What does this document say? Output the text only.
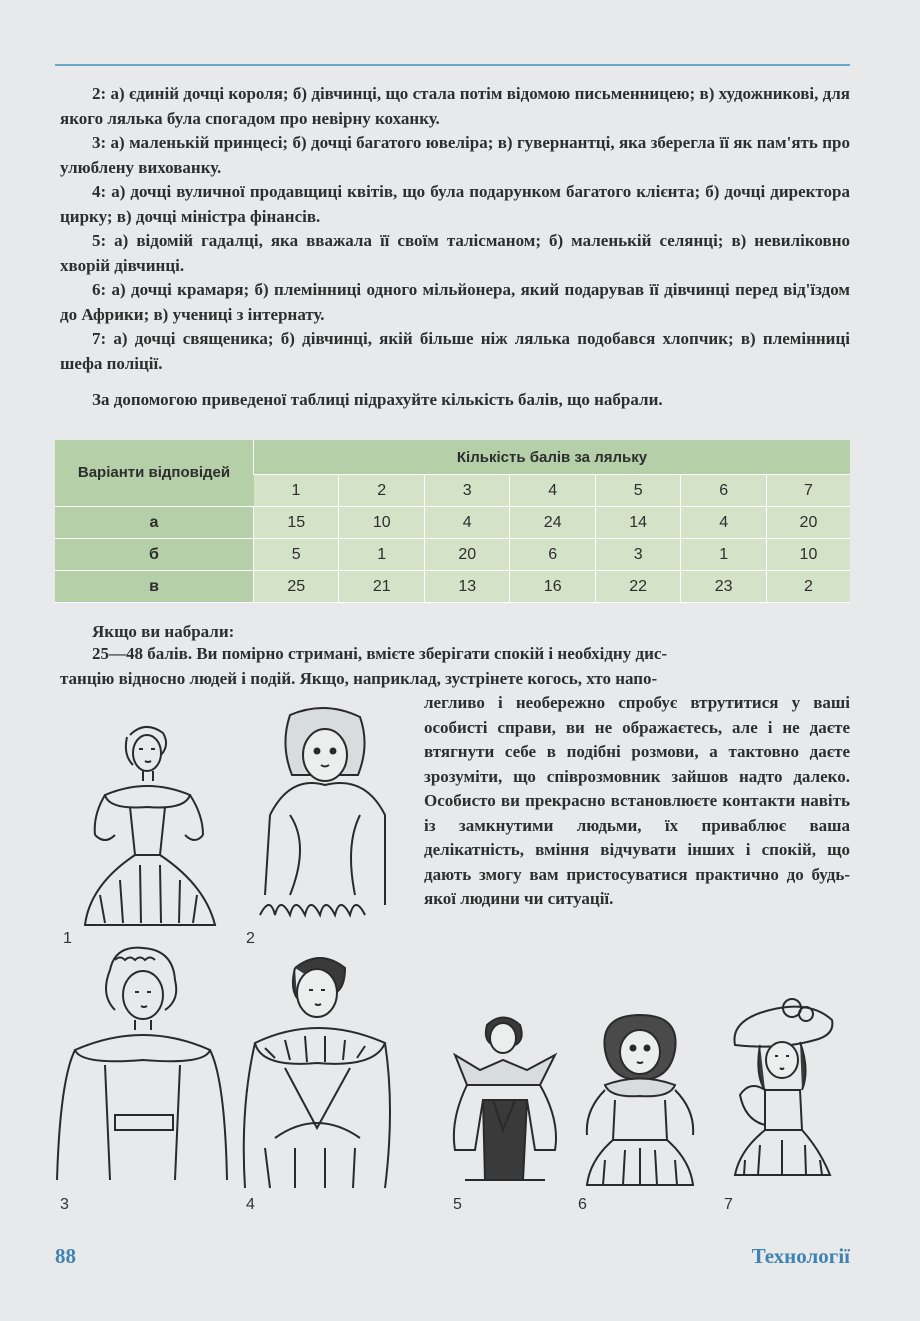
2: а) єдиній дочці короля; б) дівчинці, що стала потім відомою письменницею; в) художникові, для якого лялька була спогадом про невірну коханку.

3: а) маленькій принцесі; б) дочці багатого ювеліра; в) гувернантці, яка зберегла її як пам'ять про улюблену вихованку.

4: а) дочці вуличної продавщиці квітів, що була подарунком багатого клієнта; б) дочці директора цирку; в) дочці міністра фінансів.

5: а) відомій гадалці, яка вважала її своїм талісманом; б) маленькій селянці; в) невиліковно хворій дівчинці.

6: а) дочці крамаря; б) племінниці одного мільйонера, який подарував її дівчинці перед від'їздом до Африки; в) учениці з інтернату.

7: а) дочці священика; б) дівчинці, якій більше ніж лялька подобався хлопчик; в) племінниці шефа поліції.

За допомогою приведеної таблиці підрахуйте кількість балів, що набрали.
Варіанти відповідей	Кількість балів за ляльку						
	1	2	3	4	5	6	7
а	15	10	4	24	14	4	20
б	5	1	20	6	3	1	10
в	25	21	13	16	22	23	2
Якщо ви набрали:

25—48 балів. Ви помірно стримані, вмієте зберігати спокій і необхідну дис-

танцію відносно людей і подій. Якщо, наприклад, зустрінете когось, хто напо-

легливо і необережно спробує втрутитися у ваші особисті справи, ви не ображаєтесь, але і не даєте втягнути себе в подібні розмови, а тактовно даєте зрозуміти, що співрозмовник зайшов надто далеко. Особисто ви прекрасно встановлюєте контакти навіть із замкнутими людьми, їх приваблює ваша делікатність, вміння відчувати інших і спокій, що дають змогу вам пристосуватися практично до будь-якої людини чи ситуації.

1	2
3	4	5	6	7
88	Технології
